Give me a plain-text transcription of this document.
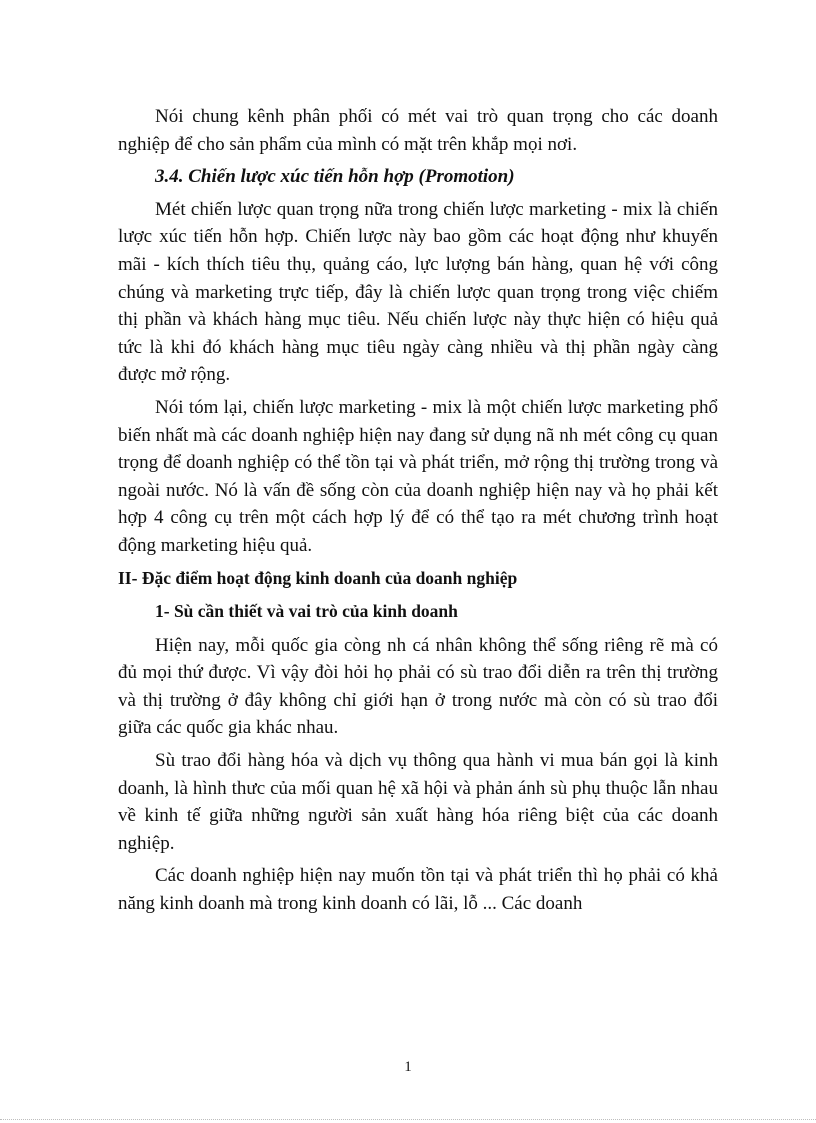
Nói chung kênh phân phối có mét vai trò quan trọng cho các doanh nghiệp để cho sản phẩm của mình có mặt trên khắp mọi nơi.

3.4. Chiến lược xúc tiến hỗn hợp (Promotion)

Mét chiến lược quan trọng nữa trong chiến lược marketing - mix là chiến lược xúc tiến hỗn hợp. Chiến lược này bao gồm các hoạt động như khuyến mãi - kích thích tiêu thụ, quảng cáo, lực lượng bán hàng, quan hệ với công chúng và marketing trực tiếp, đây là chiến lược quan trọng trong việc chiếm thị phần và khách hàng mục tiêu. Nếu chiến lược này thực hiện có hiệu quả tức là khi đó khách hàng mục tiêu ngày càng nhiều và thị phần ngày càng được mở rộng.

Nói tóm lại, chiến lược marketing - mix là một chiến lược marketing phổ biến nhất mà các doanh nghiệp hiện nay đang sử dụng nã nh mét công cụ quan trọng để doanh nghiệp có thể tồn tại và phát triển, mở rộng thị trường trong và ngoài nước. Nó là vấn đề sống còn của doanh nghiệp hiện nay và họ phải kết hợp 4 công cụ trên một cách hợp lý để có thể tạo ra mét chương trình hoạt động marketing hiệu quả.

II- Đặc điểm hoạt động kinh doanh của doanh nghiệp

1- Sù cần thiết và vai trò của kinh doanh

Hiện nay, mỗi quốc gia còng nh cá nhân không thể sống riêng rẽ mà có đủ mọi thứ được. Vì vậy đòi hỏi họ phải có sù trao đổi diễn ra trên thị trường và thị trường ở đây không chỉ giới hạn ở trong nước mà còn có sù trao đổi giữa các quốc gia khác nhau.

Sù trao đổi hàng hóa và dịch vụ thông qua hành vi mua bán gọi là kinh doanh, là hình thưc của mối quan hệ xã hội và phản ánh sù phụ thuộc lẫn nhau về kinh tế giữa những người sản xuất hàng hóa riêng biệt của các doanh nghiệp.

Các doanh nghiệp hiện nay muốn tồn tại và phát triển thì họ phải có khả năng kinh doanh mà trong kinh doanh có lãi, lỗ ... Các doanh

1
